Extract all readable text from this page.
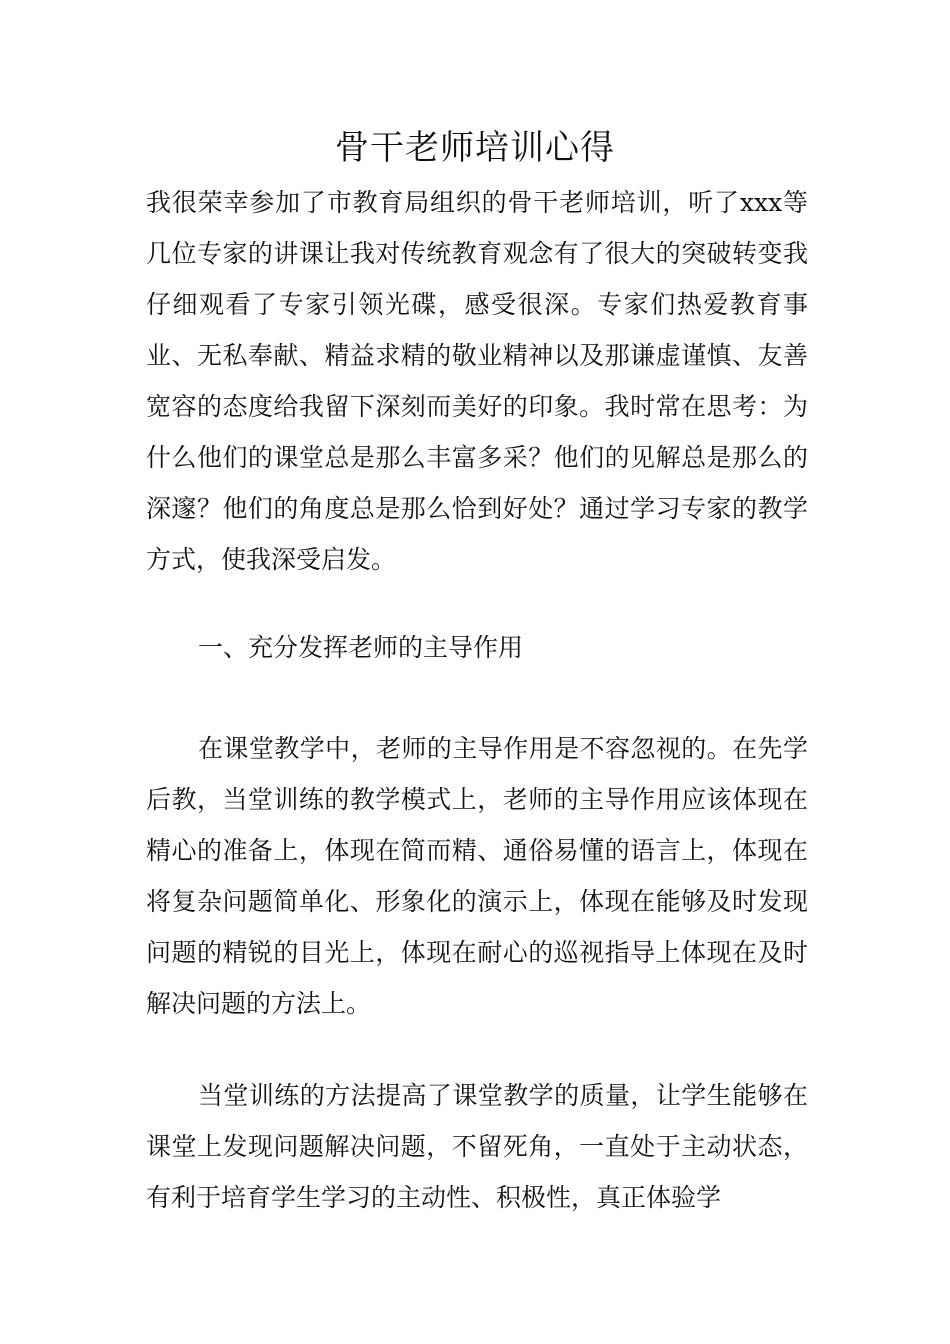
骨干老师培训心得

我很荣幸参加了市教育局组织的骨干老师培训，听了xxx等几位专家的讲课让我对传统教育观念有了很大的突破转变我仔细观看了专家引领光碟，感受很深。专家们热爱教育事业、无私奉献、精益求精的敬业精神以及那谦虚谨慎、友善宽容的态度给我留下深刻而美好的印象。我时常在思考：为什么他们的课堂总是那么丰富多采？他们的见解总是那么的深邃？他们的角度总是那么恰到好处？通过学习专家的教学方式，使我深受启发。

一、充分发挥老师的主导作用

在课堂教学中，老师的主导作用是不容忽视的。在先学后教，当堂训练的教学模式上，老师的主导作用应该体现在精心的准备上，体现在简而精、通俗易懂的语言上，体现在将复杂问题简单化、形象化的演示上，体现在能够及时发现问题的精锐的目光上，体现在耐心的巡视指导上体现在及时解决问题的方法上。

当堂训练的方法提高了课堂教学的质量，让学生能够在课堂上发现问题解决问题，不留死角，一直处于主动状态，有利于培育学生学习的主动性、积极性，真正体验学
